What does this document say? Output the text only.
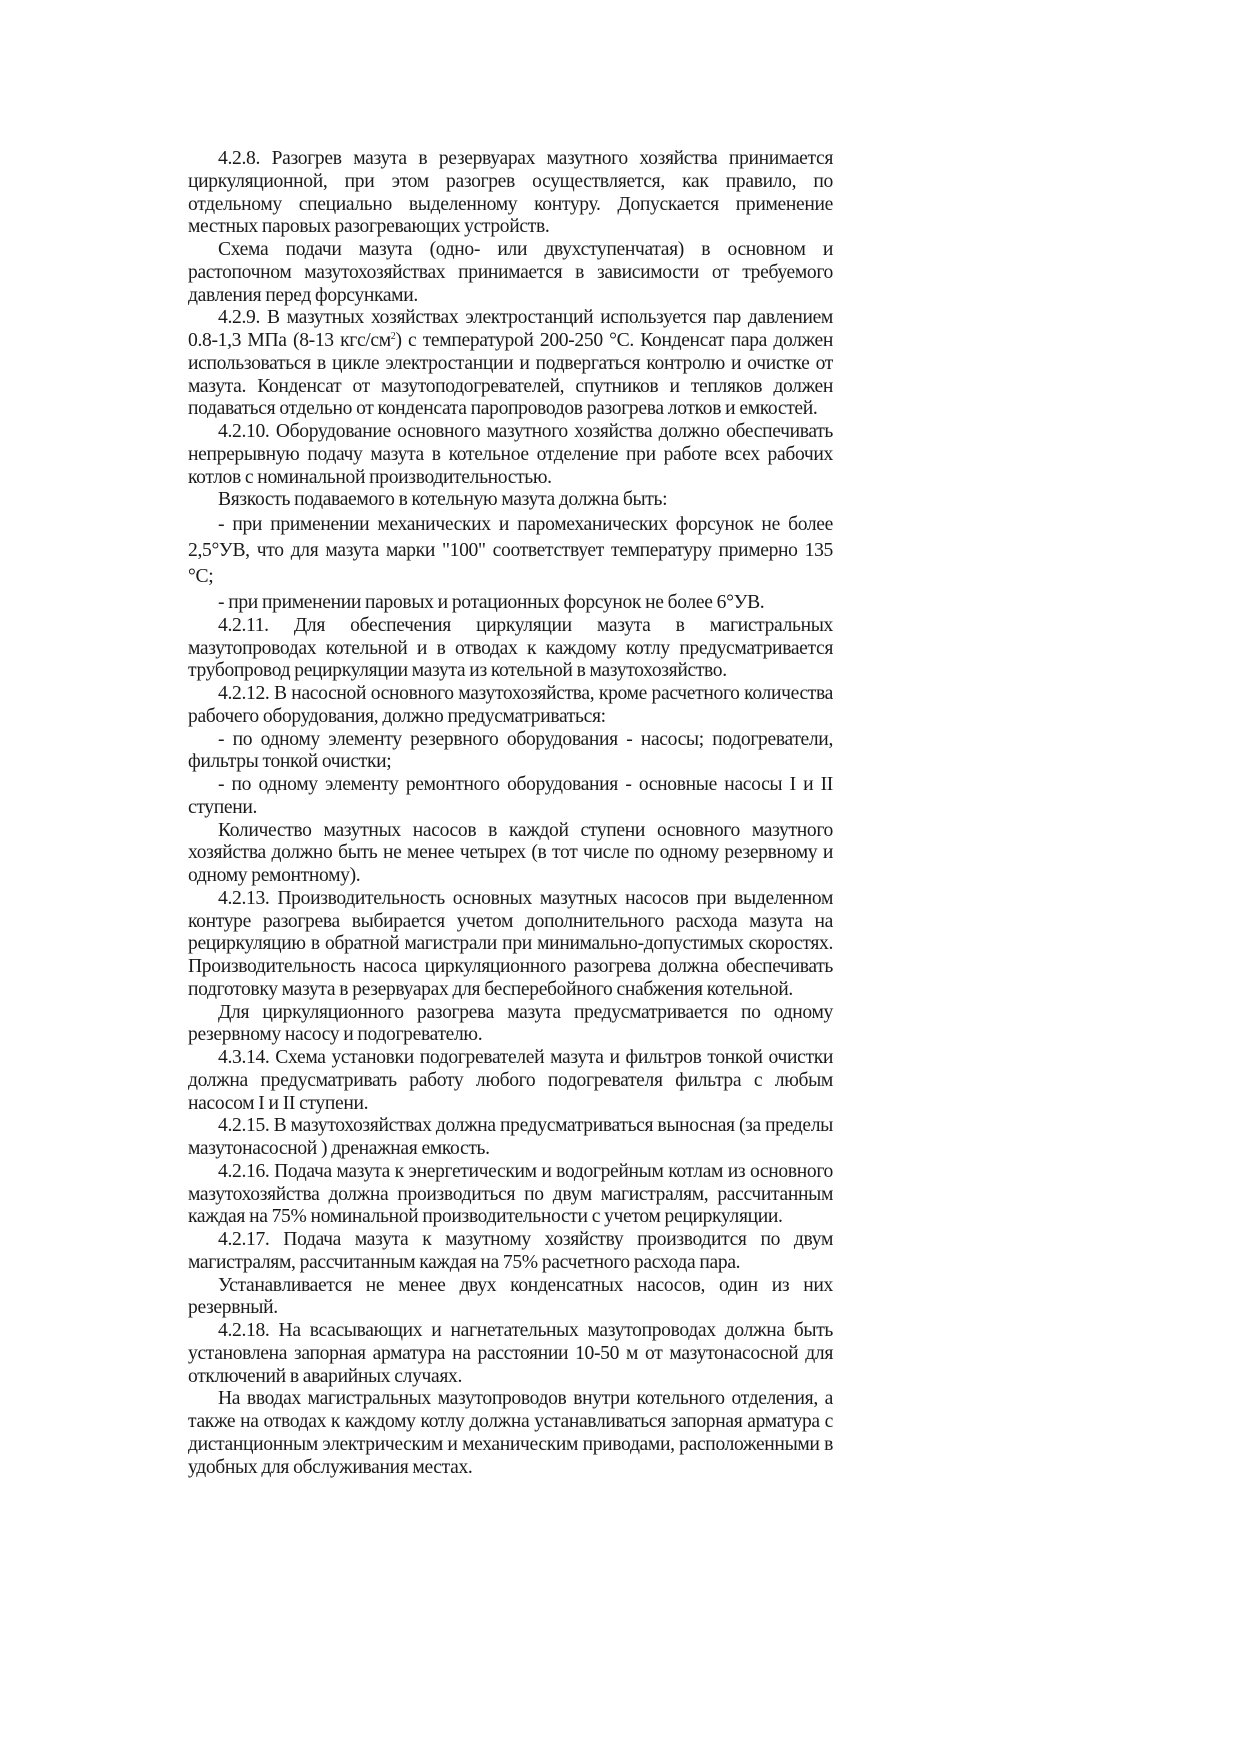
4.2.8. Разогрев мазута в резервуарах мазутного хозяйства принимается циркуляционной, при этом разогрев осуществляется, как правило, по отдельному специально выделенному контуру. Допускается применение местных паровых разогревающих устройств.

Схема подачи мазута (одно- или двухступенчатая) в основном и растопочном мазутохозяйствах принимается в зависимости от требуемого давления перед форсунками.

4.2.9. В мазутных хозяйствах электростанций используется пар давлением 0.8-1,3 МПа (8-13 кгс/$см^2$) с температурой 200-250 °С. Конденсат пара должен использоваться в цикле электростанции и подвергаться контролю и очистке от мазута. Конденсат от мазутоподогревателей, спутников и тепляков должен подаваться отдельно от конденсата паропроводов разогрева лотков и емкостей.

4.2.10. Оборудование основного мазутного хозяйства должно обеспечивать непрерывную подачу мазута в котельное отделение при работе всех рабочих котлов с номинальной производительностью.

Вязкость подаваемого в котельную мазута должна быть:

- при применении механических и паромеханических форсунок не более 2,5°УВ, что для мазута марки "100" соответствует температуру примерно 135 °С;

- при применении паровых и ротационных форсунок не более 6°УВ.

4.2.11. Для обеспечения циркуляции мазута в магистральных мазутопроводах котельной и в отводах к каждому котлу предусматривается трубопровод рециркуляции мазута из котельной в мазутохозяйство.

4.2.12. В насосной основного мазутохозяйства, кроме расчетного количества рабочего оборудования, должно предусматриваться:

- по одному элементу резервного оборудования - насосы; подогреватели, фильтры тонкой очистки;

- по одному элементу ремонтного оборудования - основные насосы I и II ступени.

Количество мазутных насосов в каждой ступени основного мазутного хозяйства должно быть не менее четырех (в тот числе по одному резервному и одному ремонтному).

4.2.13. Производительность основных мазутных насосов при выделенном контуре разогрева выбирается учетом дополнительного расхода мазута на рециркуляцию в обратной магистрали при минимально-допустимых скоростях. Производительность насоса циркуляционного разогрева должна обеспечивать подготовку мазута в резервуарах для бесперебойного снабжения котельной.

Для циркуляционного разогрева мазута предусматривается по одному резервному насосу и подогревателю.

4.3.14. Схема установки подогревателей мазута и фильтров тонкой очистки должна предусматривать работу любого подогревателя фильтра с любым насосом I и II ступени.

4.2.15. В мазутохозяйствах должна предусматриваться выносная (за пределы мазутонасосной ) дренажная емкость.

4.2.16. Подача мазута к энергетическим и водогрейным котлам из основного мазутохозяйства должна производиться по двум магистралям, рассчитанным каждая на 75% номинальной производительности с учетом рециркуляции.

4.2.17. Подача мазута к мазутному хозяйству производится по двум магистралям, рассчитанным каждая на 75% расчетного расхода пара.

Устанавливается не менее двух конденсатных насосов, один из них резервный.

4.2.18. На всасывающих и нагнетательных мазутопроводах должна быть установлена запорная арматура на расстоянии 10-50 м от мазутонасосной для отключений в аварийных случаях.

На вводах магистральных мазутопроводов внутри котельного отделения, а также на отводах к каждому котлу должна устанавливаться запорная арматура с дистанционным электрическим и механическим приводами, расположенными в удобных для обслуживания местах.
